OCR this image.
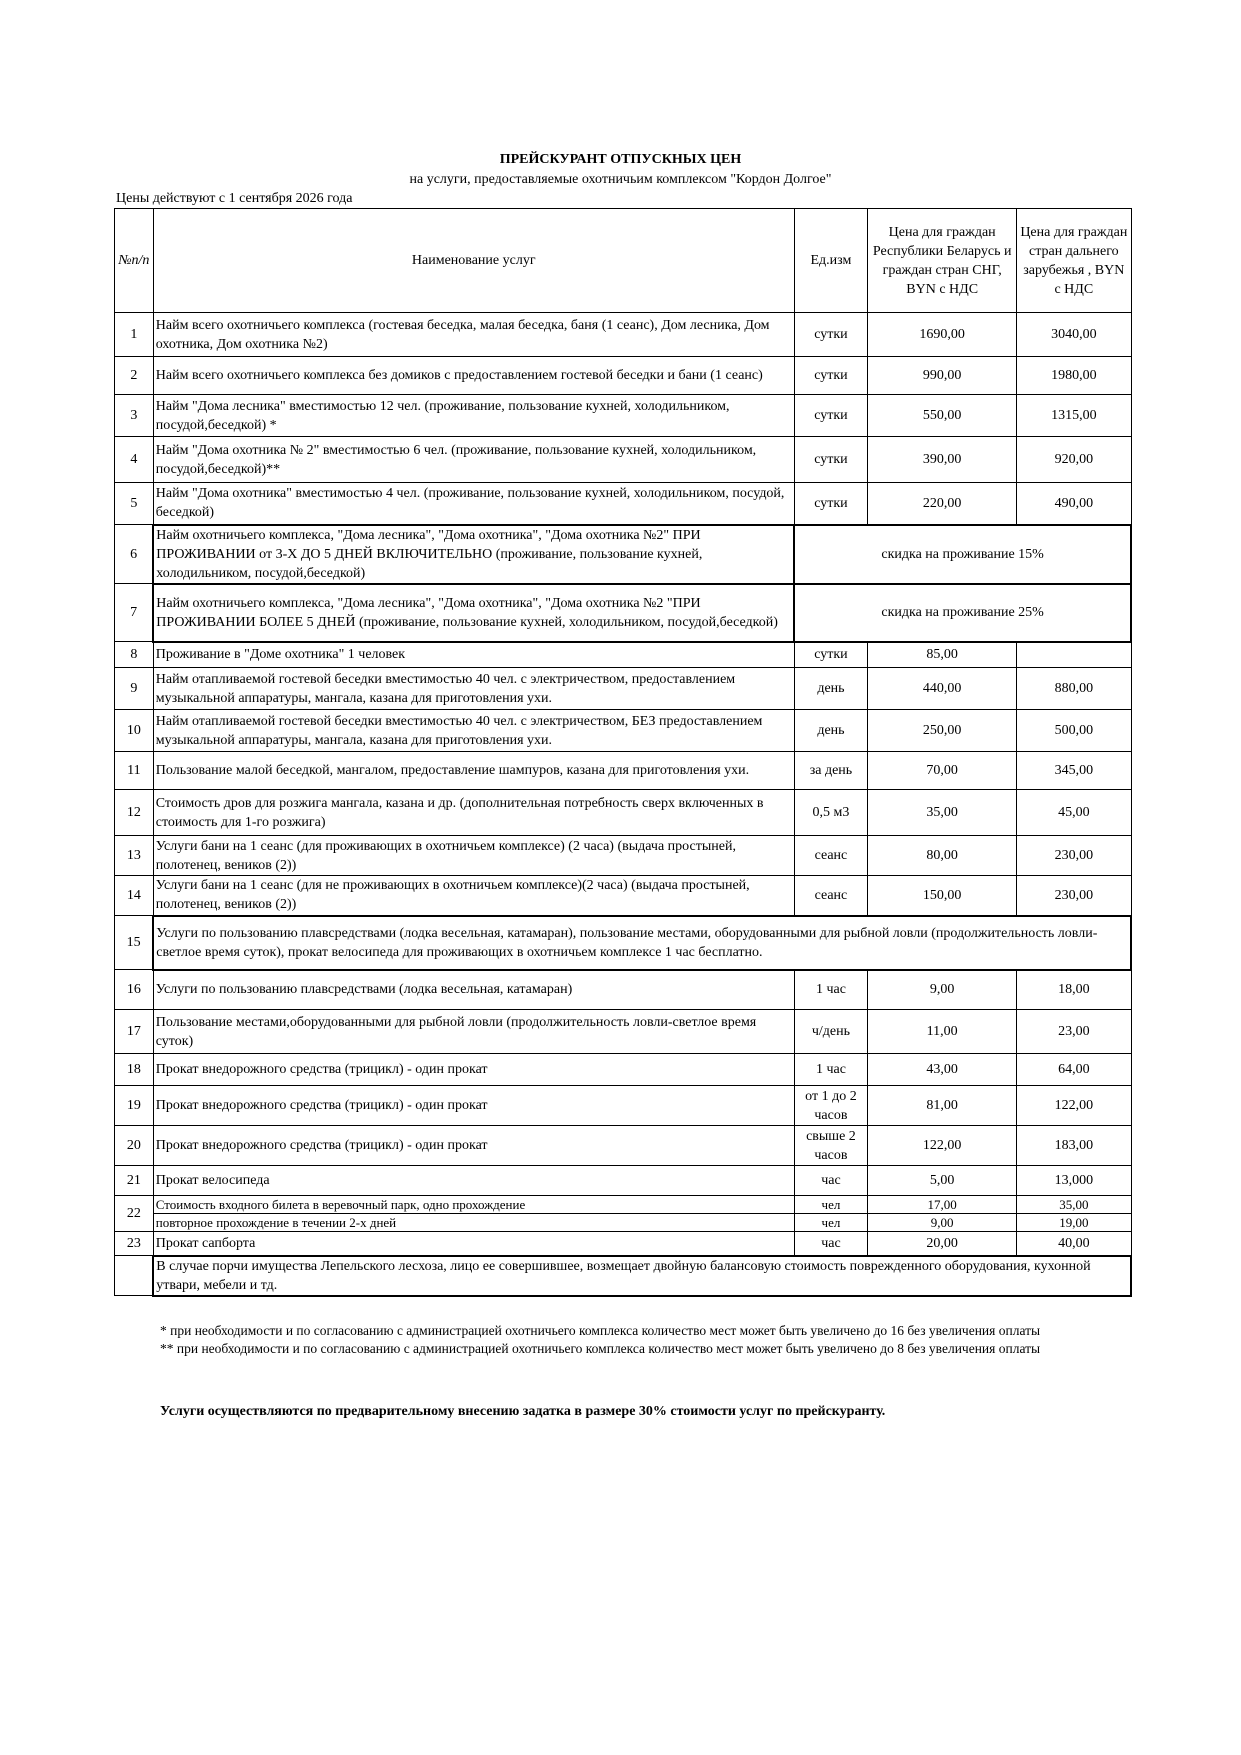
ПРЕЙСКУРАНТ ОТПУСКНЫХ ЦЕН
на услуги, предоставляемые охотничьим комплексом "Кордон Долгое"
Цены действуют с 1 сентября 2026 года
№п/п	Наименование услуг	Ед.изм	Цена для граждан Республики Беларусь и граждан стран СНГ, BYN с НДС	Цена для граждан стран дальнего зарубежья , BYN с НДС
1	Найм всего охотничьего комплекса (гостевая беседка, малая беседка, баня (1 сеанс), Дом лесника, Дом охотника, Дом охотника №2)	сутки	1690,00	3040,00
2	Найм всего охотничьего комплекса без домиков с предоставлением гостевой беседки и бани (1 сеанс)	сутки	990,00	1980,00
3	Найм "Дома лесника" вместимостью 12 чел. (проживание, пользование кухней, холодильником, посудой,беседкой) *	сутки	550,00	1315,00
4	Найм "Дома охотника № 2" вместимостью 6 чел. (проживание, пользование кухней, холодильником, посудой,беседкой)**	сутки	390,00	920,00
5	Найм "Дома охотника" вместимостью 4 чел. (проживание, пользование кухней, холодильником, посудой, беседкой)	сутки	220,00	490,00
6	Найм охотничьего комплекса, "Дома лесника", "Дома охотника", "Дома охотника №2" ПРИ ПРОЖИВАНИИ от 3-Х ДО 5 ДНЕЙ ВКЛЮЧИТЕЛЬНО (проживание, пользование кухней, холодильником, посудой,беседкой)	скидка на проживание 15%		
7	Найм охотничьего комплекса, "Дома лесника", "Дома охотника", "Дома охотника №2 "ПРИ ПРОЖИВАНИИ БОЛЕЕ 5 ДНЕЙ (проживание, пользование кухней, холодильником, посудой,беседкой)	скидка на проживание 25%		
8	Проживание в "Доме охотника" 1 человек	сутки	85,00	
9	Найм отапливаемой гостевой беседки вместимостью 40 чел. с электричеством, предоставлением музыкальной аппаратуры, мангала, казана для приготовления ухи.	день	440,00	880,00
10	Найм отапливаемой гостевой беседки вместимостью 40 чел. с электричеством, БЕЗ предоставлением музыкальной аппаратуры, мангала, казана для приготовления ухи.	день	250,00	500,00
11	Пользование малой беседкой, мангалом, предоставление шампуров, казана для приготовления ухи.	за день	70,00	345,00
12	Стоимость дров для розжига мангала, казана и др. (дополнительная потребность сверх включенных в стоимость для 1-го розжига)	0,5 м3	35,00	45,00
13	Услуги бани на 1 сеанс (для проживающих в охотничьем комплексе) (2 часа) (выдача простыней, полотенец, веников (2))	сеанс	80,00	230,00
14	Услуги бани на 1 сеанс (для не проживающих в охотничьем комплексе)(2 часа) (выдача простыней, полотенец, веников (2))	сеанс	150,00	230,00
15	Услуги по пользованию плавсредствами (лодка весельная, катамаран), пользование местами, оборудованными для рыбной ловли (продолжительность ловли-светлое время суток), прокат велосипеда для проживающих в охотничьем комплексе 1 час бесплатно.			
16	Услуги по пользованию плавсредствами (лодка весельная, катамаран)	1 час	9,00	18,00
17	Пользование местами,оборудованными для рыбной ловли (продолжительность ловли-светлое время суток)	ч/день	11,00	23,00
18	Прокат внедорожного средства (трицикл) - один прокат	1 час	43,00	64,00
19	Прокат внедорожного средства (трицикл) - один прокат	от 1 до 2 часов	81,00	122,00
20	Прокат внедорожного средства (трицикл) - один прокат	свыше 2 часов	122,00	183,00
21	Прокат велосипеда	час	5,00	13,000
22	Стоимость входного билета в веревочный парк, одно прохождение	чел	17,00	35,00
	повторное прохождение в течении 2-х дней	чел	9,00	19,00
23	Прокат сапборта	час	20,00	40,00
	В случае порчи имущества Лепельского лесхоза, лицо ее совершившее, возмещает двойную балансовую стоимость поврежденного оборудования, кухонной утвари, мебели и тд.			

* при необходимости и по согласованию с администрацией охотничьего комплекса количество мест может быть увеличено до 16 без увеличения оплаты

** при необходимости и по согласованию с администрацией охотничьего комплекса количество мест может быть увеличено до 8 без увеличения оплаты

Услуги осуществляются по предварительному внесению задатка в размере 30% стоимости услуг по прейскуранту.
